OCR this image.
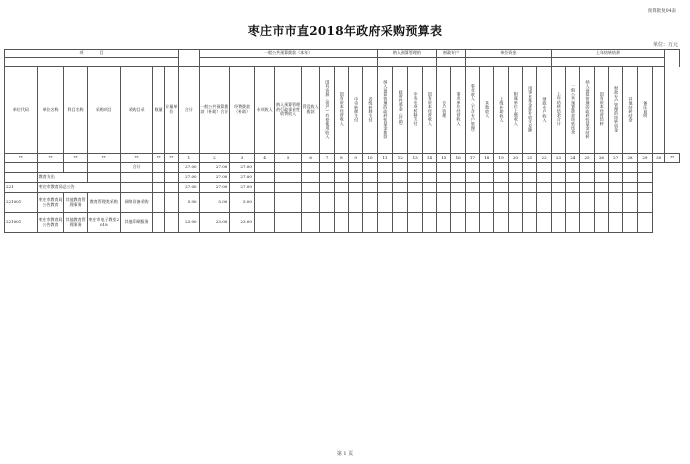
预算批复04表
枣庄市市直2018年政府采购预算表
单位：万元
项　　　　目								一般公共预算拨款（本年）									纳入预算管理的				财政专户		单位资金						上年结转结余								

单位代码	单位名称	科目名称	采购项目	采购目录	数量	计量单位	合计	一般公共预算拨款（补助）合计	经费拨款（补助）	专项收入	纳入预算管理的行政事业性收费收入	罚没收入拨款	国有资源（资产）有偿使用收入	国有资本经营收入	中央转移支付	省级转移支付	纳入预算管理的政府性基金拨款	政府性基金（补助）	中央专项转移支付	国有资本经营收入	专户管理	事业单位经营收入	事业收入（不含专户管理）	其他收入	上级补助收入	附属单位上缴收入	用事业基金弥补收支差额	财政专户收入	上年结转结余合计	一般公共预算拨款结转结余	纳入预算管理的政府性基金结转	国有资本经营结转	财政专户管理的结转资金	其他结转结余	备注说明		
**	**	**	**	**	**	**	1	2	3	4	5	6	7	8	9	10	11	12	13	14	15	16	17	18	19	20	21	22	23	24	25	26	27	28	29	30	**
				合计			27.00	27.00	27.00																												
	教育支出						27.00	27.00	27.00																												
221	枣庄市教育局总公告						27.00	27.00	27.00																												
221001	枣庄市教育局公告教育	其他教育管理事务	教育管理类采购	网络设备采购			5.00	5.00	5.00																												
221001	枣庄市教育局公告教育	其他教育管理事务	枣庄市电子教室2018	其他印刷服务			23.00	23.00	23.00																												
第 1 页
